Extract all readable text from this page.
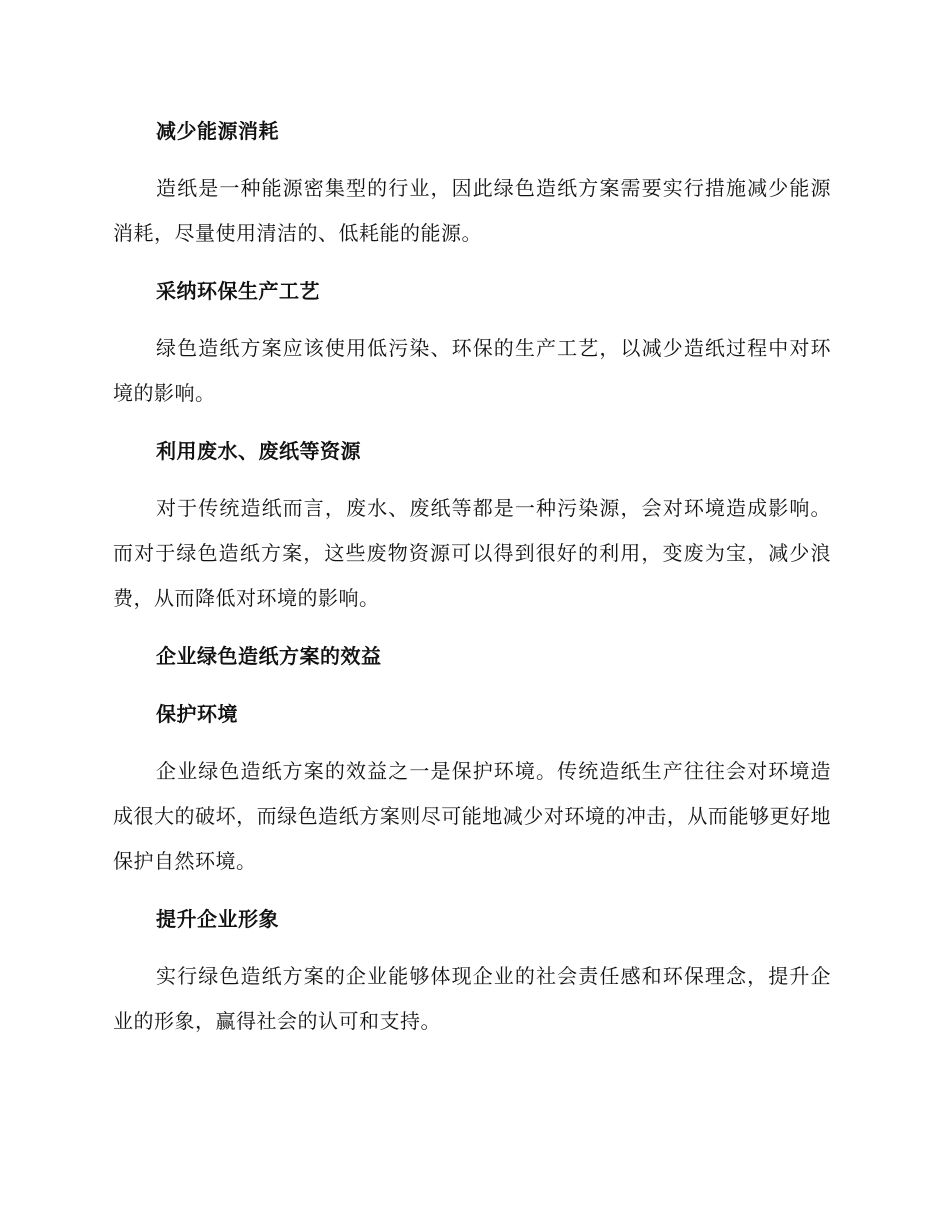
减少能源消耗
造纸是一种能源密集型的行业，因此绿色造纸方案需要实行措施减少能源消耗，尽量使用清洁的、低耗能的能源。
采纳环保生产工艺
绿色造纸方案应该使用低污染、环保的生产工艺，以减少造纸过程中对环境的影响。
利用废水、废纸等资源
对于传统造纸而言，废水、废纸等都是一种污染源，会对环境造成影响。而对于绿色造纸方案，这些废物资源可以得到很好的利用，变废为宝，减少浪费，从而降低对环境的影响。
企业绿色造纸方案的效益
保护环境
企业绿色造纸方案的效益之一是保护环境。传统造纸生产往往会对环境造成很大的破坏，而绿色造纸方案则尽可能地减少对环境的冲击，从而能够更好地保护自然环境。
提升企业形象
实行绿色造纸方案的企业能够体现企业的社会责任感和环保理念，提升企业的形象，赢得社会的认可和支持。
